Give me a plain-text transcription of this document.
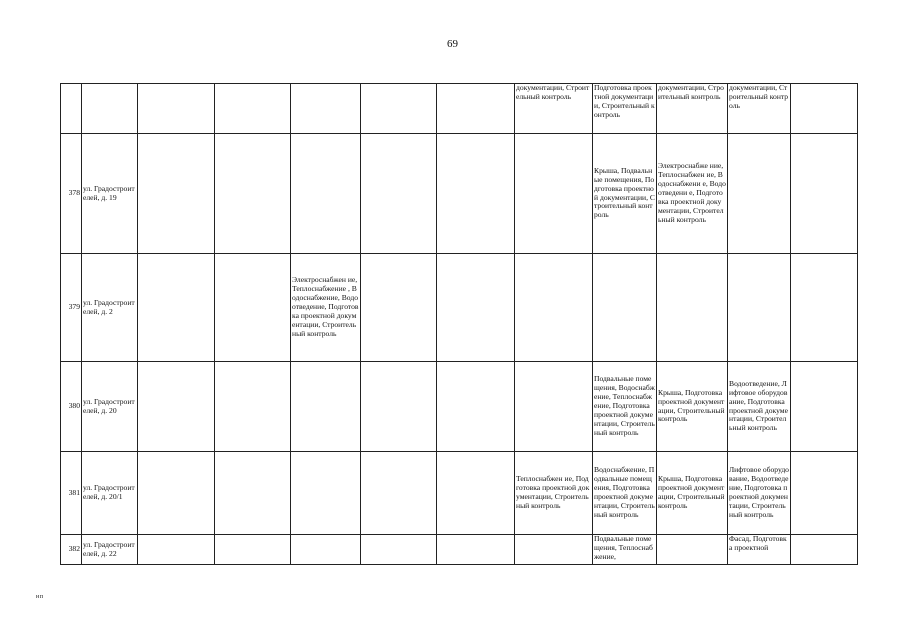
69
							документации, Строительный контроль	Подготовка проектной документации, Строительный контроль	документации, Строительный контроль	документации, Строительный контроль	
378	ул. Градостроит елей, д. 19							Крыша, Подвальные помещения, Подготовка проектной документации, Строительный контроль	Электроснабже ние, Теплоснабжен ие, Водоснабжени е, Водоотведени е, Подготовка проектной документации, Строительный контроль		
379	ул. Градостроит елей, д. 2			Электроснабжен ие, Теплоснабжение , Водоснабжение, Водоотведение, Подготовка проектной документации, Строительный контроль							
380	ул. Градостроит елей, д. 20							Подвальные помещения, Водоснабжение, Теплоснабжение, Подготовка проектной документации, Строительный контроль	Крыша, Подготовка проектной документации, Строительный контроль	Водоотведение, Лифтовое оборудование, Подготовка проектной документации, Строительный контроль	
381	ул. Градостроит елей, д. 20/1						Теплоснабжен ие, Подготовка проектной документации, Строительный контроль	Водоснабжение, Подвальные помещения, Подготовка проектной документации, Строительный контроль	Крыша, Подготовка проектной документации, Строительный контроль	Лифтовое оборудование, Водоотведение, Подготовка проектной документации, Строительный контроль	
382	ул. Градостроит елей, д. 22							Подвальные помещения, Теплоснабжение,		Фасад, Подготовка проектной	
нп
